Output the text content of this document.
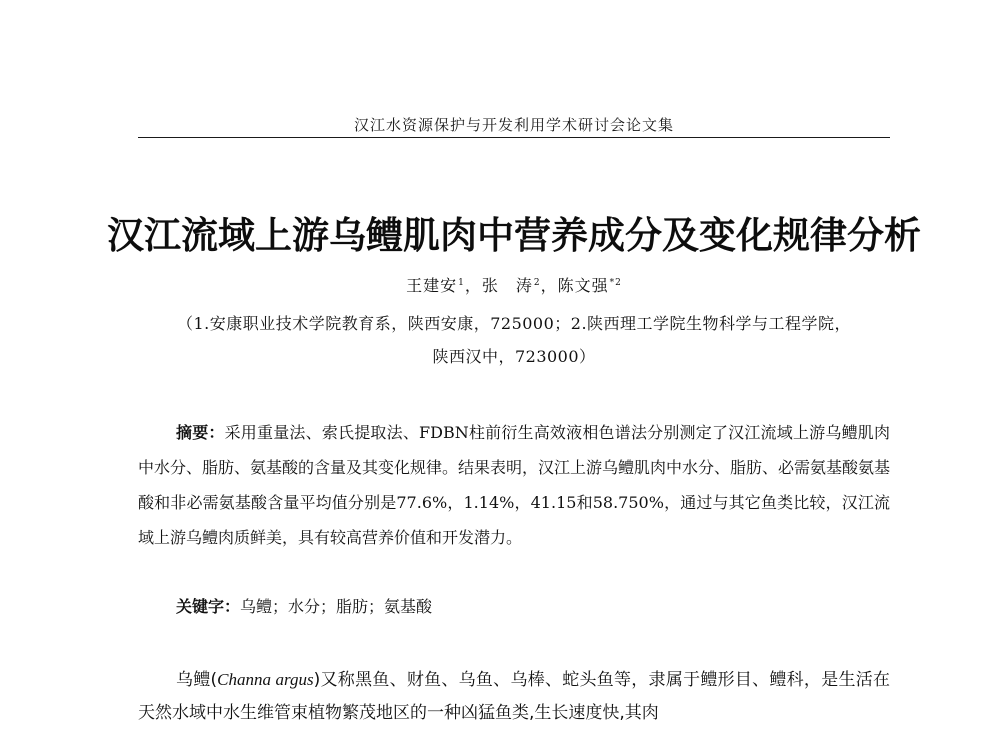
汉江水资源保护与开发利用学术研讨会论文集
汉江流域上游乌鳢肌肉中营养成分及变化规律分析
王建安$^1$，张　涛$^2$，陈文强$^{*2}$
（1.安康职业技术学院教育系，陕西安康，725000；2.陕西理工学院生物科学与工程学院，
陕西汉中，723000）
摘要：采用重量法、索氏提取法、FDBN柱前衍生高效液相色谱法分别测定了汉江流域上游乌鳢肌肉中水分、脂肪、氨基酸的含量及其变化规律。结果表明，汉江上游乌鳢肌肉中水分、脂肪、必需氨基酸氨基酸和非必需氨基酸含量平均值分别是77.6%，1.14%，41.15和58.750%，通过与其它鱼类比较，汉江流域上游乌鳢肉质鲜美，具有较高营养价值和开发潜力。
关键字：乌鳢；水分；脂肪；氨基酸
乌鳢(Channa argus)又称黑鱼、财鱼、乌鱼、乌棒、蛇头鱼等，隶属于鳢形目、鳢科，是生活在天然水域中水生维管束植物繁茂地区的一种凶猛鱼类,生长速度快,其肉
